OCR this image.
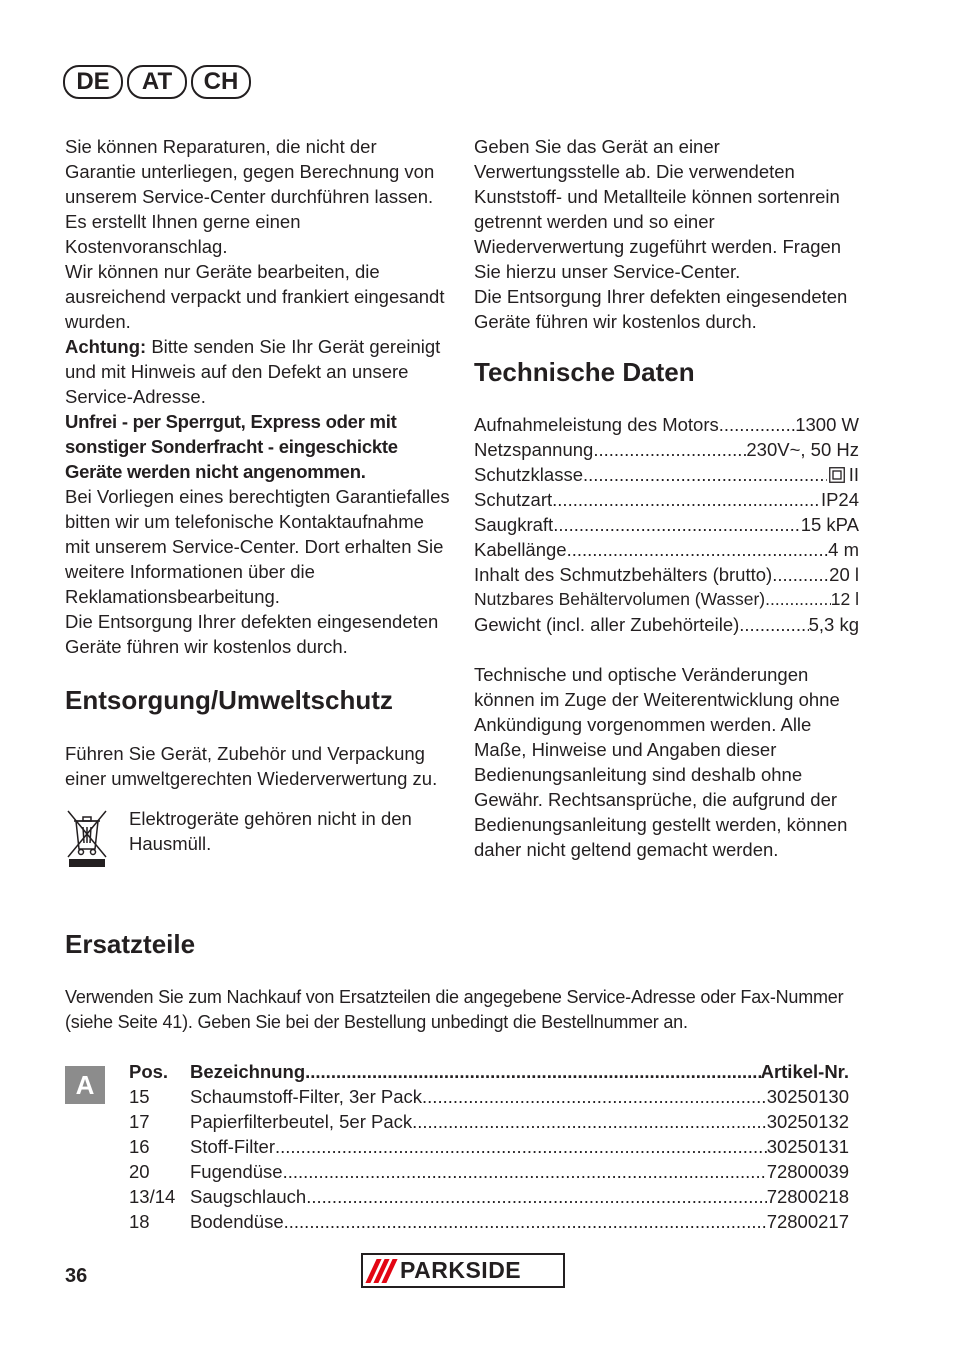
DE	AT	CH

Sie können Reparaturen, die nicht der Garantie unterliegen, gegen Berechnung von unserem Service-Center durchführen lassen. Es erstellt Ihnen gerne einen Kostenvoranschlag.

Wir können nur Geräte bearbeiten, die ausreichend verpackt und frankiert eingesandt wurden.

Achtung: Bitte senden Sie Ihr Gerät gereinigt und mit Hinweis auf den Defekt an unsere Service-Adresse.

Unfrei - per Sperrgut, Express oder mit sonstiger Sonderfracht - eingeschickte Geräte werden nicht angenommen.

Bei Vorliegen eines berechtigten Garantiefalles bitten wir um telefonische Kontaktaufnahme mit unserem Service-Center. Dort erhalten Sie weitere Informationen über die Reklamationsbearbeitung.

Die Entsorgung Ihrer defekten eingesendeten Geräte führen wir kostenlos durch.

Entsorgung/Umweltschutz

Führen Sie Gerät, Zubehör und Verpackung einer umweltgerechten Wiederverwertung zu.

Elektrogeräte gehören nicht in den Hausmüll.

Geben Sie das Gerät an einer Verwertungsstelle ab. Die verwendeten Kunststoff- und Metallteile können sortenrein getrennt werden und so einer Wiederverwertung zugeführt werden. Fragen Sie hierzu unser Service-Center.

Die Entsorgung Ihrer defekten eingesendeten Geräte führen wir kostenlos durch.

Technische Daten
Aufnahmeleistung des Motors .....	1300 W
Netzspannung .....	230V~, 50 Hz
Schutzklasse .....	II
Schutzart .....	IP24
Saugkraft .....	15 kPA
Kabellänge .....	4 m
Inhalt des Schmutzbehälters (brutto) .....	20 l
Nutzbares Behältervolumen (Wasser) .....	12 l
Gewicht (incl. aller Zubehörteile) .....	5,3 kg

Technische und optische Veränderungen können im Zuge der Weiterentwicklung ohne Ankündigung vorgenommen werden. Alle Maße, Hinweise und Angaben dieser Bedienungsanleitung sind deshalb ohne Gewähr. Rechtsansprüche, die aufgrund der Bedienungsanleitung gestellt werden, können daher nicht geltend gemacht werden.

Ersatzteile

Verwenden Sie zum Nachkauf von Ersatzteilen die angegebene Service-Adresse oder Fax-Nummer (siehe Seite 41). Geben Sie bei der Bestellung unbedingt die Bestellnummer an.

A	Pos.	Bezeichnung .....	Artikel-Nr.
15	Schaumstoff-Filter, 3er Pack .....	30250130
17	Papierfilterbeutel, 5er Pack .....	30250132
16	Stoff-Filter .....	30250131
20	Fugendüse .....	72800039
13/14 Saugschlauch .....	72800218
18	Bodendüse. .....	72800217
36	PARKSIDE
